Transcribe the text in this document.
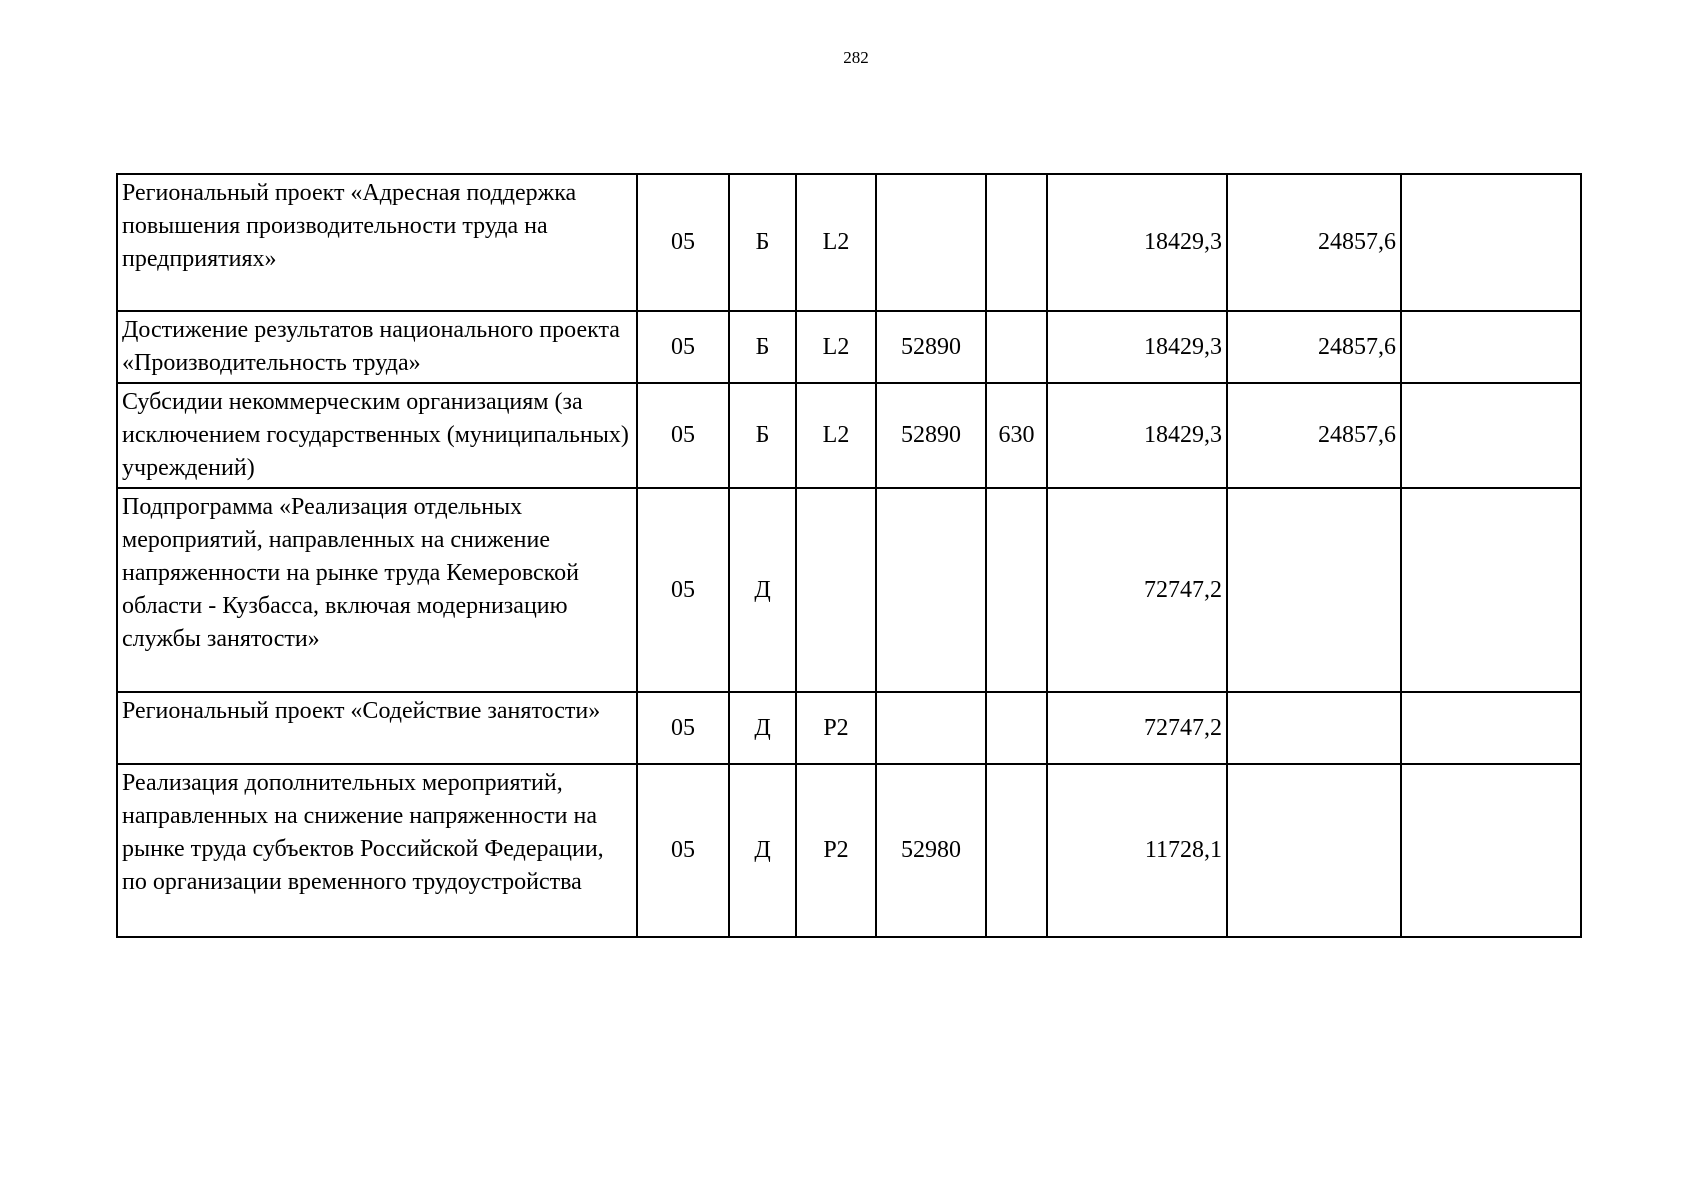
282
Региональный проект «Адресная поддержка повышения производительности труда на предприятиях»	05	Б	L2			18429,3	24857,6	
Достижение результатов национального проекта «Производительность труда»	05	Б	L2	52890		18429,3	24857,6	
Субсидии некоммерческим организациям (за исключением государственных (муниципальных) учреждений)	05	Б	L2	52890	630	18429,3	24857,6	
Подпрограмма «Реализация отдельных мероприятий, направленных на снижение напряженности на рынке труда Кемеровской области - Кузбасса, включая модернизацию службы занятости»	05	Д				72747,2		
Региональный проект «Содействие занятости»	05	Д	P2			72747,2		
Реализация дополнительных мероприятий, направленных на снижение напряженности на рынке труда субъектов Российской Федерации, по организации временного трудоустройства	05	Д	P2	52980		11728,1		
